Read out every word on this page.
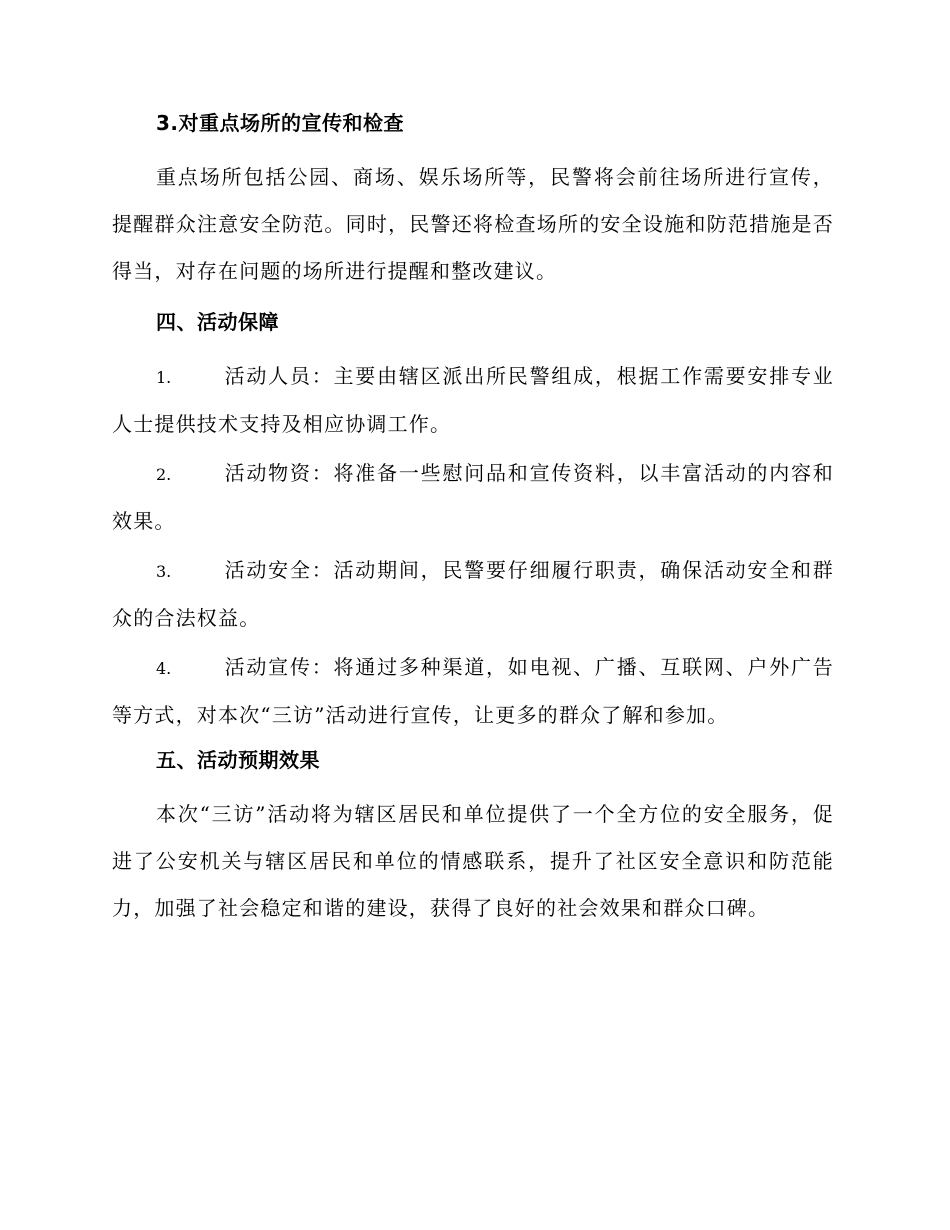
3.对重点场所的宣传和检查

重点场所包括公园、商场、娱乐场所等，民警将会前往场所进行宣传，提醒群众注意安全防范。同时，民警还将检查场所的安全设施和防范措施是否得当，对存在问题的场所进行提醒和整改建议。

四、活动保障

1.	活动人员：主要由辖区派出所民警组成，根据工作需要安排专业人士提供技术支持及相应协调工作。

2.	活动物资：将准备一些慰问品和宣传资料，以丰富活动的内容和效果。

3.	活动安全：活动期间，民警要仔细履行职责，确保活动安全和群众的合法权益。

4.	活动宣传：将通过多种渠道，如电视、广播、互联网、户外广告等方式，对本次“三访”活动进行宣传，让更多的群众了解和参加。

五、活动预期效果

本次“三访”活动将为辖区居民和单位提供了一个全方位的安全服务，促进了公安机关与辖区居民和单位的情感联系，提升了社区安全意识和防范能力，加强了社会稳定和谐的建设，获得了良好的社会效果和群众口碑。
